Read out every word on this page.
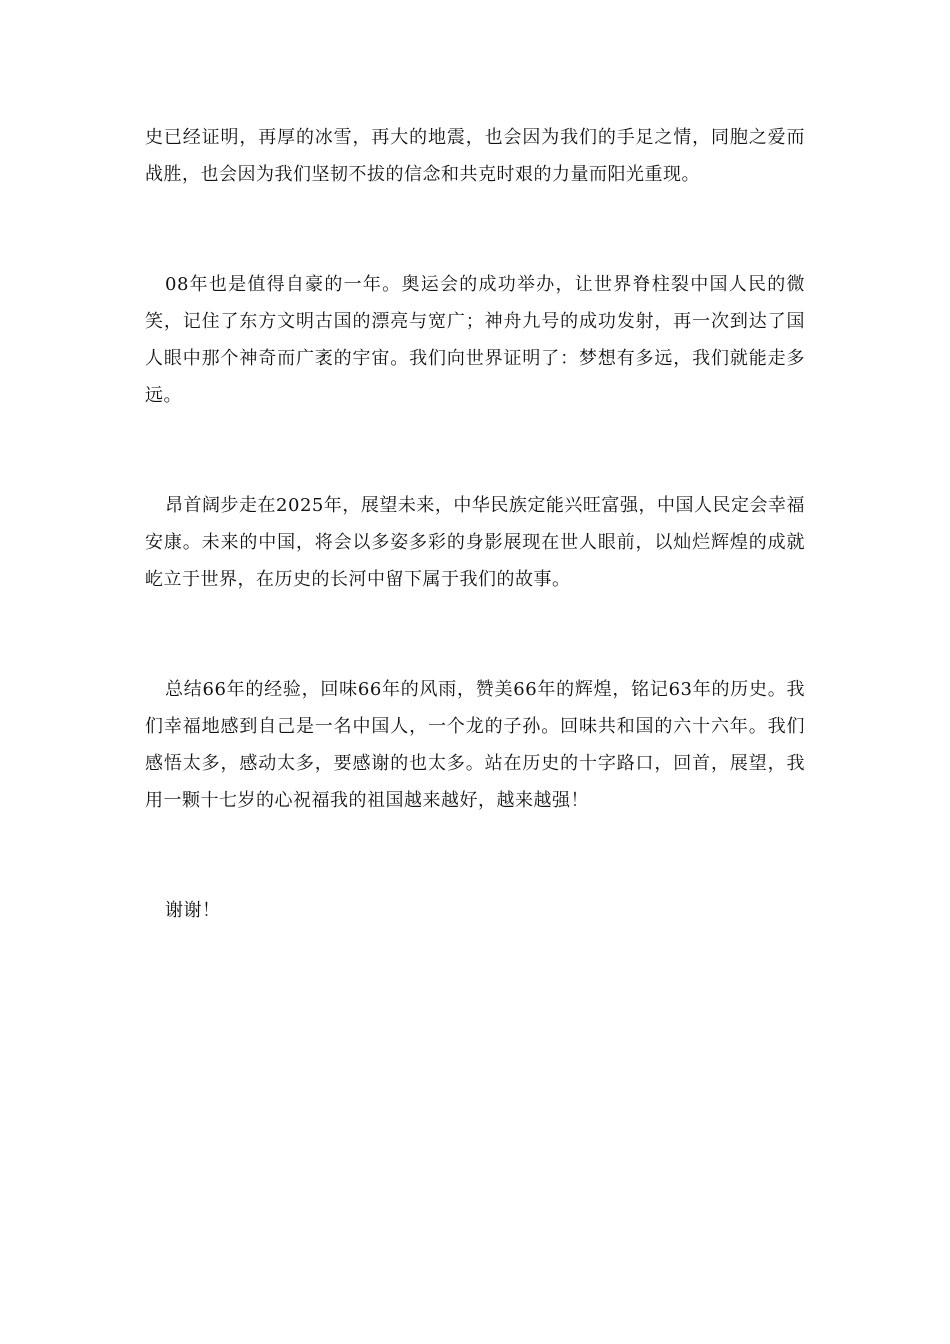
史已经证明，再厚的冰雪，再大的地震，也会因为我们的手足之情，同胞之爱而战胜，也会因为我们坚韧不拔的信念和共克时艰的力量而阳光重现。

08年也是值得自豪的一年。奥运会的成功举办，让世界脊柱裂中国人民的微笑，记住了东方文明古国的漂亮与宽广；神舟九号的成功发射，再一次到达了国人眼中那个神奇而广袤的宇宙。我们向世界证明了：梦想有多远，我们就能走多远。

昂首阔步走在2025年，展望未来，中华民族定能兴旺富强，中国人民定会幸福安康。未来的中国，将会以多姿多彩的身影展现在世人眼前，以灿烂辉煌的成就屹立于世界，在历史的长河中留下属于我们的故事。

总结66年的经验，回味66年的风雨，赞美66年的辉煌，铭记63年的历史。我们幸福地感到自己是一名中国人，一个龙的子孙。回味共和国的六十六年。我们感悟太多，感动太多，要感谢的也太多。站在历史的十字路口，回首，展望，我用一颗十七岁的心祝福我的祖国越来越好，越来越强！

谢谢！
